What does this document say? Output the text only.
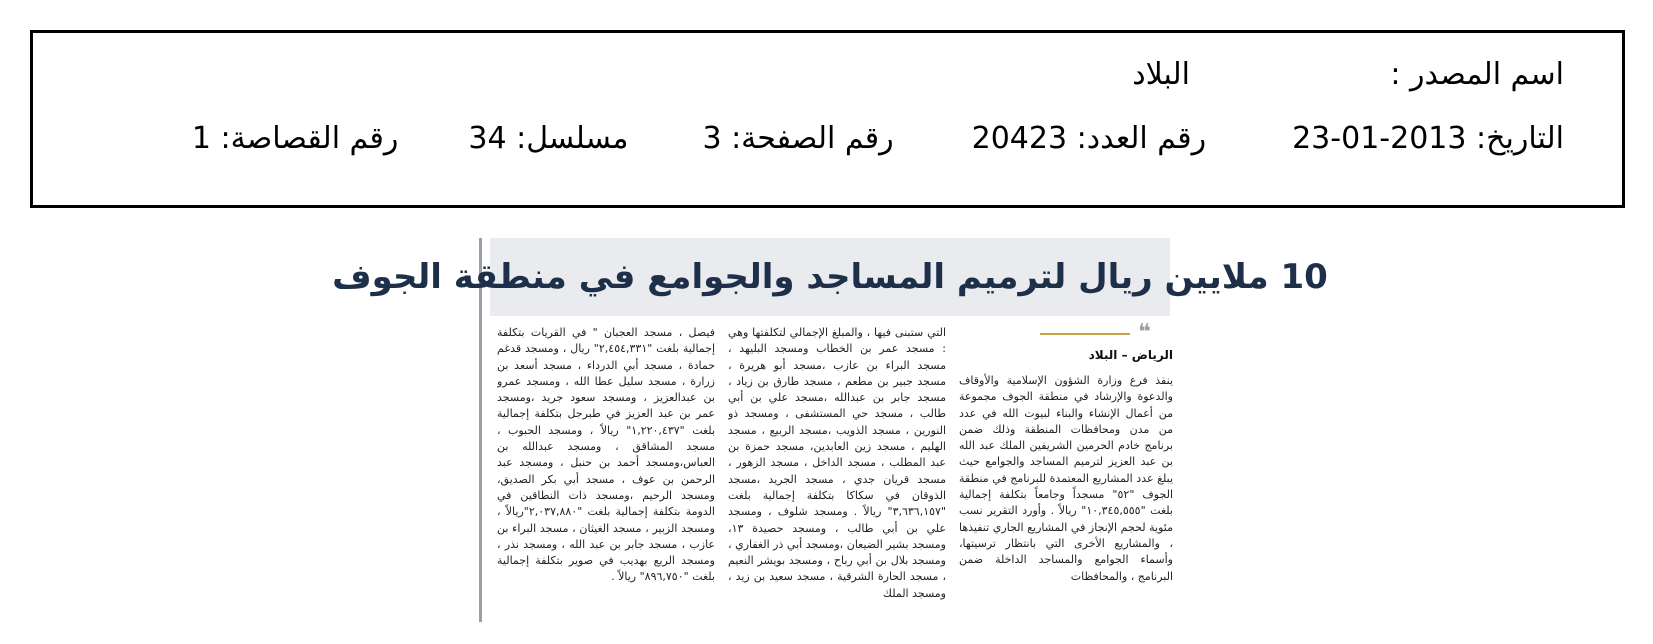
اسم المصدر :
البلاد
التاريخ: 2013-01-23
رقم العدد: 20423
رقم الصفحة: 3
مسلسل: 34
رقم القصاصة: 1
10 ملايين ريال لترميم المساجد والجوامع في منطقة الجوف
❝
الرياض – البلاد
ينفذ فرع وزارة الشؤون الإسلامية والأوقاف والدعوة والإرشاد في منطقة الجوف مجموعة من أعمال الإنشاء والبناء لبيوت الله في عدد من مدن ومحافظات المنطقة وذلك ضمن برنامج خادم الحرمين الشريفين الملك عبد الله بن عبد العزيز لترميم المساجد والجوامع حيث يبلغ عدد المشاريع المعتمدة للبرنامج في منطقة الجوف "٥٢" مسجداً وجامعاً بتكلفة إجمالية بلغت "١٠,٣٤٥,٥٥٥" ريالاً . وأورد التقرير نسب مئوية لحجم الإنجاز في المشاريع الجاري تنفيذها ، والمشاريع الأخرى التي بانتظار ترسيتها، وأسماء الجوامع والمساجد الداخلة ضمن البرنامج ، والمحافظات
التي ستبنى فيها ، والمبلغ الإجمالي لتكلفتها وهي : مسجد عمر بن الخطاب ومسجد البليهد ، مسجد البراء بن عازب ،مسجد أبو هريرة ، مسجد جبير بن مطعم ، مسجد طارق بن زياد ، مسجد جابر بن عبدالله ،مسجد علي بن أبي طالب ، مسجد حي المستشفى ، ومسجد ذو النورين ، مسجد الذويب ،مسجد الربيع ، مسجد الهليم ، مسجد زين العابدين، مسجد حمزة بن عبد المطلب ، مسجد الداخل ، مسجد الزهور ، مسجد قريان جدي ، مسجد الجريد ،مسجد الذوقان في سكاكا بتكلفة إجمالية بلغت "٣,٦٣٦,١٥٧" ريالاً . ومسجد شلوف ، ومسجد علي بن أبي طالب ، ومسجد حصيدة ١٣، ومسجد بشير الضيعان ،ومسجد أبي ذر الغفاري ، ومسجد بلال بن أبي رباح ، ومسجد بويشر النعيم ، مسجد الحارة الشرقية ، مسجد سعيد بن زيد ، ومسجد الملك
فيصل ، مسجد العجبان " في القريات بتكلفة إجمالية بلغت "٢,٤٥٤,٣٣١" ريال ، ومسجد قدغم حمادة ، مسجد أبي الدرداء ، مسجد أسعد بن زرارة ، مسجد سليل عطا الله ، ومسجد عمرو بن عبدالعزيز ، ومسجد سعود جريد ،ومسجد عمر بن عبد العزيز في طبرجل بتكلفة إجمالية بلغت "١,٢٢٠,٤٣٧" ريالاً ، ومسجد الحبوب ، مسجد المشاقق ، ومسجد عبدالله بن العباس،ومسجد أحمد بن حنبل ، ومسجد عبد الرحمن بن عوف ، مسجد أبي بكر الصديق، ومسجد الرحيم ،ومسجد ذات النطاقين في الدومة بتكلفة إجمالية بلغت "٢,٠٣٧,٨٨٠"ريالاً ، ومسجد الزبير ، مسجد الغيثان ، مسجد البراء بن عازب ، مسجد جابر بن عبد الله ، ومسجد نذر ، ومسجد الربع بهديب في صوير بتكلفة إجمالية بلغت "٨٩٦,٧٥٠" ريالاً .
